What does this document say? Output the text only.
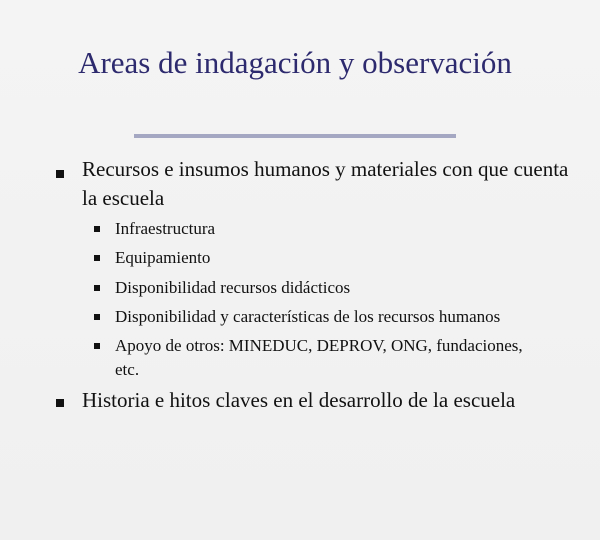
Areas de indagación y observación
Recursos e insumos humanos y materiales con que cuenta la escuela
Infraestructura
Equipamiento
Disponibilidad recursos didácticos
Disponibilidad y características de los recursos humanos
Apoyo de otros: MINEDUC, DEPROV, ONG, fundaciones, etc.
Historia e hitos claves en el desarrollo de la escuela
